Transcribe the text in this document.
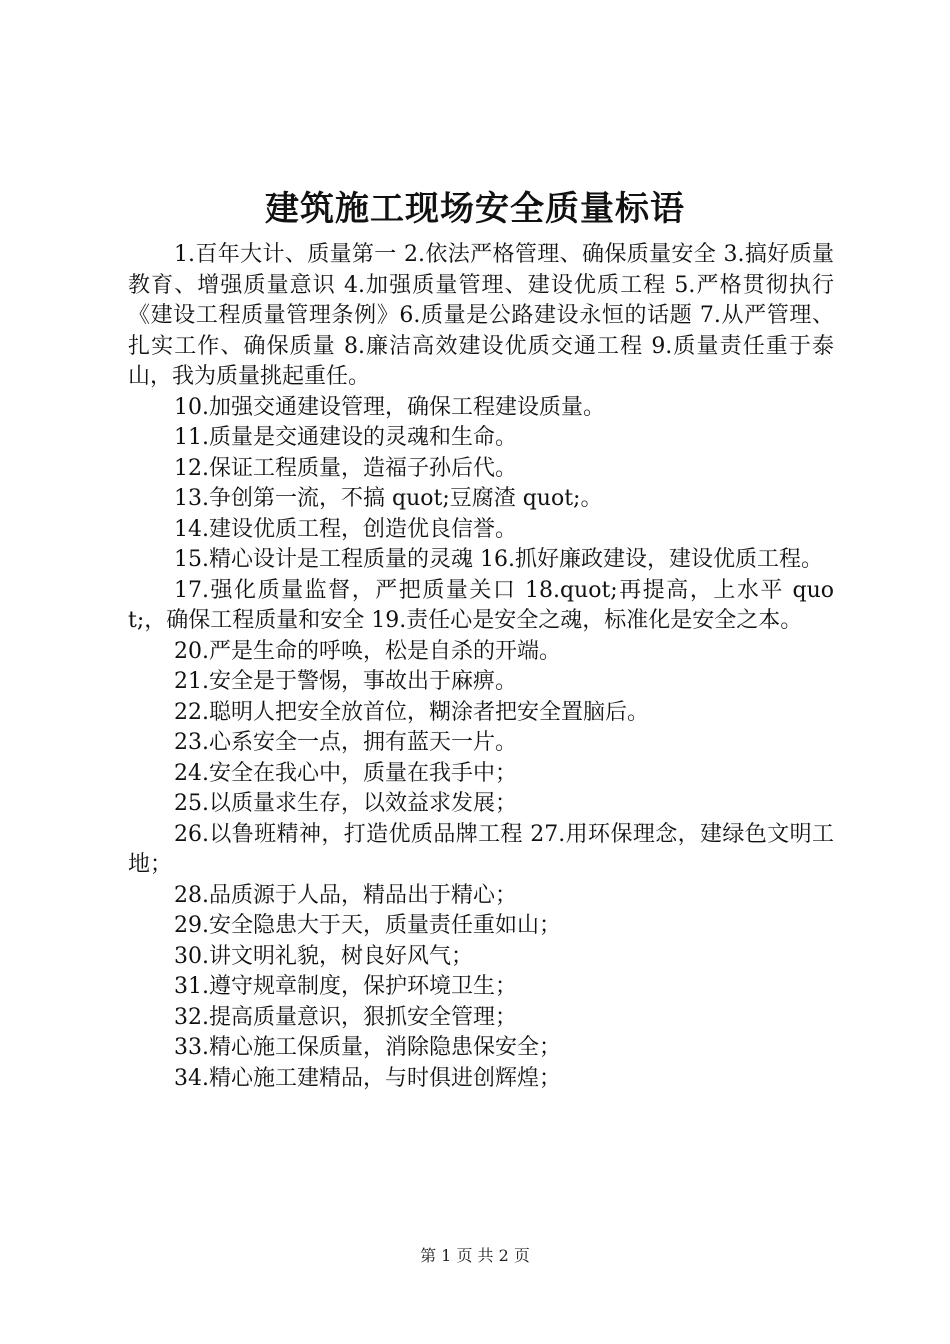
建筑施工现场安全质量标语

1.百年大计、质量第一 2.依法严格管理、确保质量安全 3.搞好质量教育、增强质量意识 4.加强质量管理、建设优质工程 5.严格贯彻执行《建设工程质量管理条例》6.质量是公路建设永恒的话题 7.从严管理、扎实工作、确保质量 8.廉洁高效建设优质交通工程 9.质量责任重于泰山，我为质量挑起重任。

10.加强交通建设管理，确保工程建设质量。

11.质量是交通建设的灵魂和生命。

12.保证工程质量，造福子孙后代。

13.争创第一流，不搞 quot;豆腐渣 quot;。

14.建设优质工程，创造优良信誉。

15.精心设计是工程质量的灵魂 16.抓好廉政建设，建设优质工程。

17.强化质量监督，严把质量关口 18.quot;再提高，上水平 quot;，确保工程质量和安全 19.责任心是安全之魂，标准化是安全之本。

20.严是生命的呼唤，松是自杀的开端。

21.安全是于警惕，事故出于麻痹。

22.聪明人把安全放首位，糊涂者把安全置脑后。

23.心系安全一点，拥有蓝天一片。

24.安全在我心中，质量在我手中；

25.以质量求生存，以效益求发展；

26.以鲁班精神，打造优质品牌工程 27.用环保理念，建绿色文明工地；

28.品质源于人品，精品出于精心；

29.安全隐患大于天，质量责任重如山；

30.讲文明礼貌，树良好风气；

31.遵守规章制度，保护环境卫生；

32.提高质量意识，狠抓安全管理；

33.精心施工保质量，消除隐患保安全；

34.精心施工建精品，与时俱进创辉煌；

第 1 页 共 2 页
